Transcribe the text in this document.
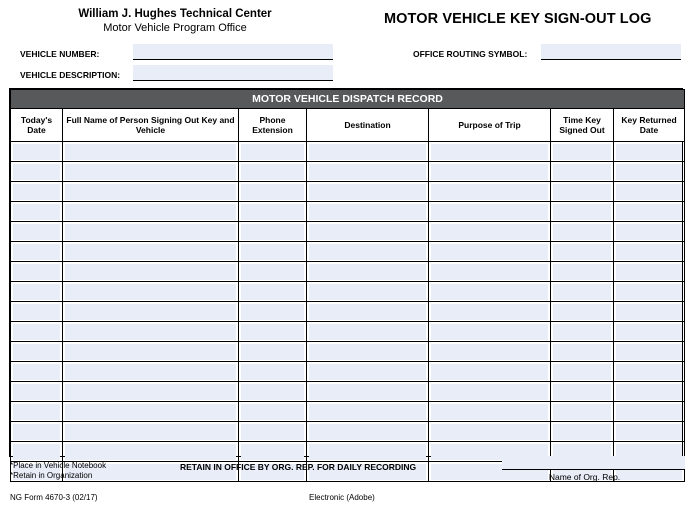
William J. Hughes Technical Center
Motor Vehicle Program Office
MOTOR VEHICLE KEY SIGN-OUT LOG
VEHICLE NUMBER:	OFFICE ROUTING SYMBOL:
VEHICLE DESCRIPTION:
MOTOR VEHICLE DISPATCH RECORD						
Today's Date	Full Name of Person Signing Out Key and Vehicle	Phone Extension	Destination	Purpose of Trip	Time Key Signed Out	Key Returned Date

*Place in Vehicle Notebook
*Retain in Organization
RETAIN IN OFFICE BY ORG. REP. FOR DAILY RECORDING
Name of Org. Rep.
NG Form 4670-3 (02/17)	Electronic (Adobe)
